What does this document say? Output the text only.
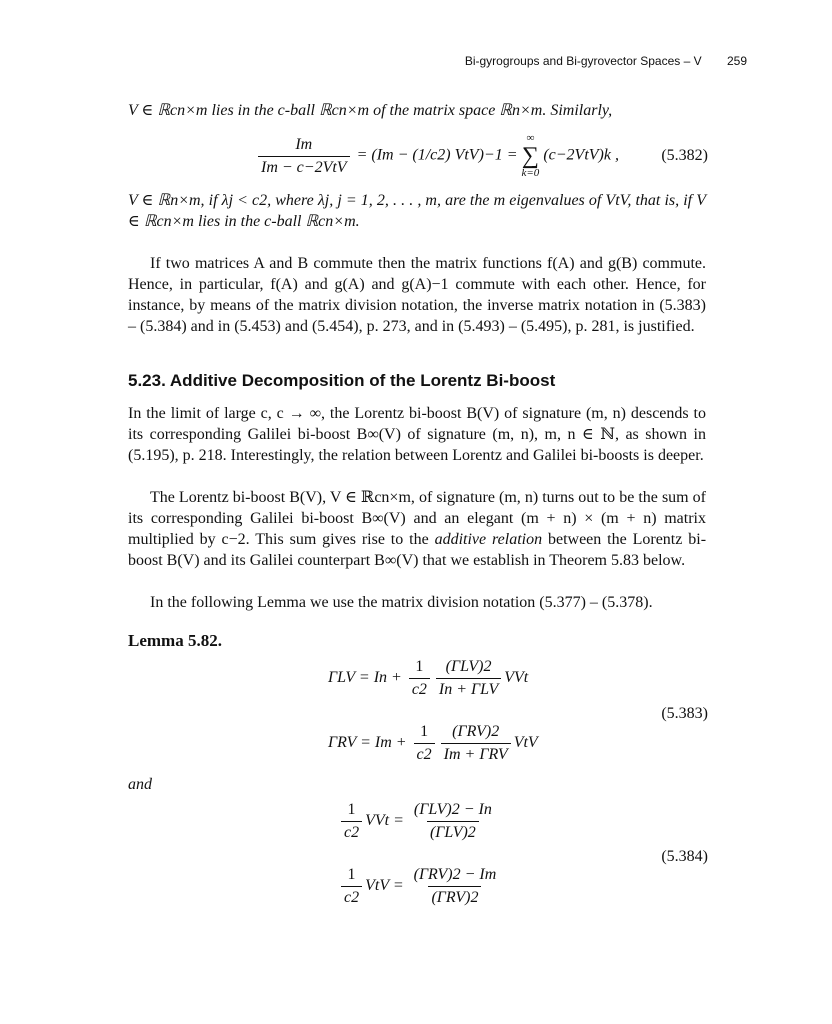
Bi-gyrogroups and Bi-gyrovector Spaces – V 259
V ∈ ℝcn×m lies in the c-ball ℝcn×m of the matrix space ℝn×m. Similarly,
$\frac{Im}{\text{Im − c−2VtV}} = (Im - (1/c2) VtV)-1$ =
∞
∑
k=0
(c−2VtV)k ,	(5.382)
V ∈ ℝn×m, if λj < c2, where λj, j = 1, 2, . . . , m, are the m eigenvalues of VtV, that is, if V ∈ ℝcn×m lies in the c-ball ℝcn×m.
If two matrices A and B commute then the matrix functions f(A) and g(B) commute. Hence, in particular, f(A) and g(A) and g(A)−1 commute with each other. Hence, for instance, by means of the matrix division notation, the inverse matrix notation in (5.383) – (5.384) and in (5.453) and (5.454), p. 273, and in (5.493) – (5.495), p. 281, is justified.
5.23. Additive Decomposition of the Lorentz Bi-boost
In the limit of large c, c → ∞, the Lorentz bi-boost B(V) of signature (m, n) descends to its corresponding Galilei bi-boost B∞(V) of signature (m, n), m, n ∈ ℕ, as shown in (5.195), p. 218. Interestingly, the relation between Lorentz and Galilei bi-boosts is deeper.
The Lorentz bi-boost B(V), V ∈ ℝcn×m, of signature (m, n) turns out to be the sum of its corresponding Galilei bi-boost B∞(V) and an elegant (m + n) × (m + n) matrix multiplied by c−2. This sum gives rise to the additive relation between the Lorentz bi-boost B(V) and its Galilei counterpart B∞(V) that we establish in Theorem 5.83 below.
In the following Lemma we use the matrix division notation (5.377) – (5.378).
Lemma 5.82.
$\Gamma LV = In + \frac{1}{c2} \frac{\text{(ΓLV)2}}{\text{In + ΓLV}}$ VVt
$\Gamma RV = Im + \frac{1}{c2} \frac{\text{(ΓRV)2}}{\text{Im + ΓRV}}$ VtV
(5.383)
and
$\frac{1}{c2}$ VVt = $\frac{\text{(ΓLV)2 − In}}{\text{(ΓLV)2}}$
$\frac{1}{c2}$ VtV = $\frac{\text{(ΓRV)2 − Im}}{\text{(ΓRV)2}}$
(5.384)
